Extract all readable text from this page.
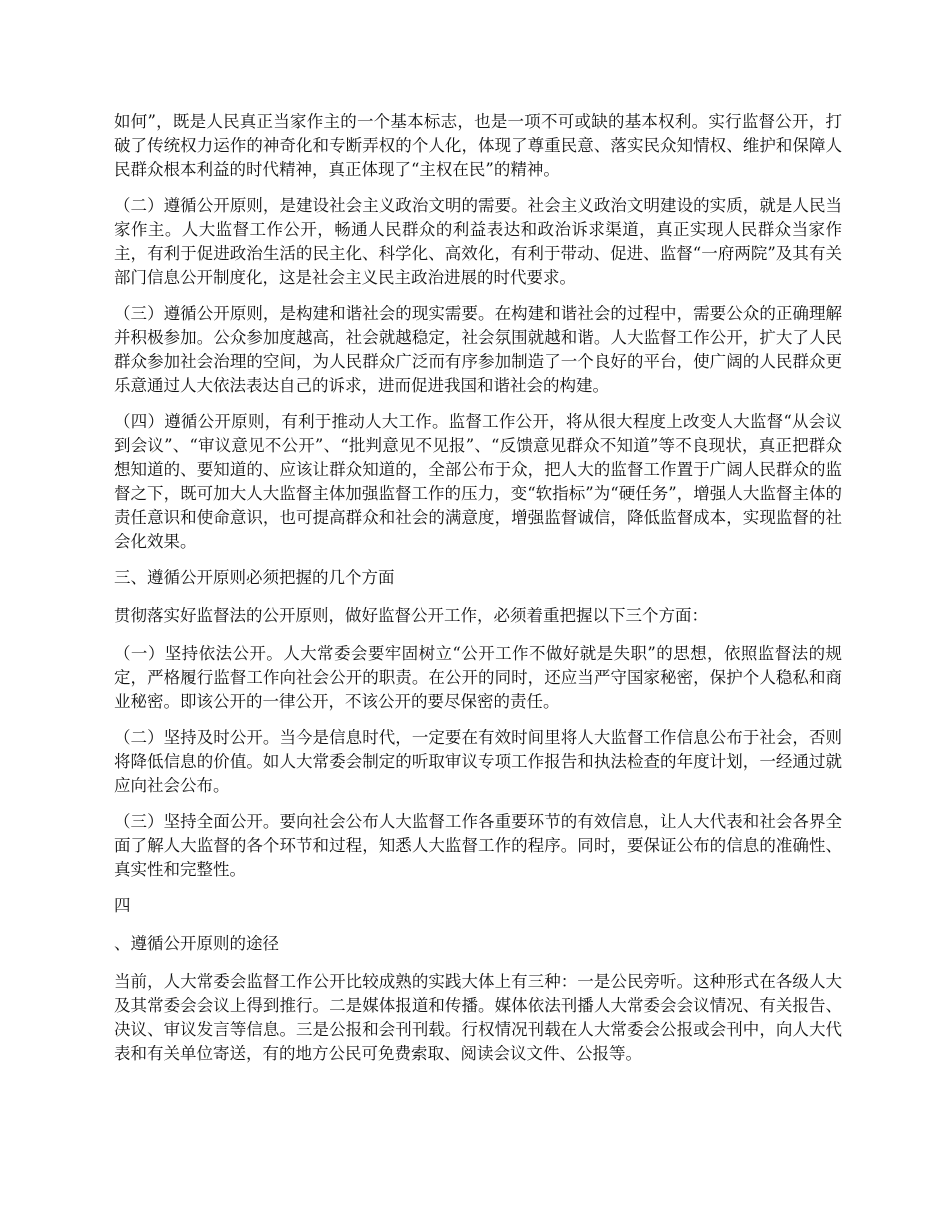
如何”，既是人民真正当家作主的一个基本标志，也是一项不可或缺的基本权利。实行监督公开，打破了传统权力运作的神奇化和专断弄权的个人化，体现了尊重民意、落实民众知情权、维护和保障人民群众根本利益的时代精神，真正体现了“主权在民”的精神。

（二）遵循公开原则，是建设社会主义政治文明的需要。社会主义政治文明建设的实质，就是人民当家作主。人大监督工作公开，畅通人民群众的利益表达和政治诉求渠道，真正实现人民群众当家作主，有利于促进政治生活的民主化、科学化、高效化，有利于带动、促进、监督“一府两院”及其有关部门信息公开制度化，这是社会主义民主政治进展的时代要求。

（三）遵循公开原则，是构建和谐社会的现实需要。在构建和谐社会的过程中，需要公众的正确理解并积极参加。公众参加度越高，社会就越稳定，社会氛围就越和谐。人大监督工作公开，扩大了人民群众参加社会治理的空间，为人民群众广泛而有序参加制造了一个良好的平台，使广阔的人民群众更乐意通过人大依法表达自己的诉求，进而促进我国和谐社会的构建。

（四）遵循公开原则，有利于推动人大工作。监督工作公开，将从很大程度上改变人大监督“从会议到会议”、“审议意见不公开”、“批判意见不见报”、“反馈意见群众不知道”等不良现状，真正把群众想知道的、要知道的、应该让群众知道的，全部公布于众，把人大的监督工作置于广阔人民群众的监督之下，既可加大人大监督主体加强监督工作的压力，变“软指标”为“硬任务”，增强人大监督主体的责任意识和使命意识，也可提高群众和社会的满意度，增强监督诚信，降低监督成本，实现监督的社会化效果。

三、遵循公开原则必须把握的几个方面

贯彻落实好监督法的公开原则，做好监督公开工作，必须着重把握以下三个方面：

（一）坚持依法公开。人大常委会要牢固树立“公开工作不做好就是失职”的思想，依照监督法的规定，严格履行监督工作向社会公开的职责。在公开的同时，还应当严守国家秘密，保护个人稳私和商业秘密。即该公开的一律公开，不该公开的要尽保密的责任。

（二）坚持及时公开。当今是信息时代，一定要在有效时间里将人大监督工作信息公布于社会，否则将降低信息的价值。如人大常委会制定的听取审议专项工作报告和执法检查的年度计划，一经通过就应向社会公布。

（三）坚持全面公开。要向社会公布人大监督工作各重要环节的有效信息，让人大代表和社会各界全面了解人大监督的各个环节和过程，知悉人大监督工作的程序。同时，要保证公布的信息的准确性、真实性和完整性。

四

、遵循公开原则的途径

当前，人大常委会监督工作公开比较成熟的实践大体上有三种：一是公民旁听。这种形式在各级人大及其常委会会议上得到推行。二是媒体报道和传播。媒体依法刊播人大常委会会议情况、有关报告、决议、审议发言等信息。三是公报和会刊刊载。行权情况刊载在人大常委会公报或会刊中，向人大代表和有关单位寄送，有的地方公民可免费索取、阅读会议文件、公报等。
